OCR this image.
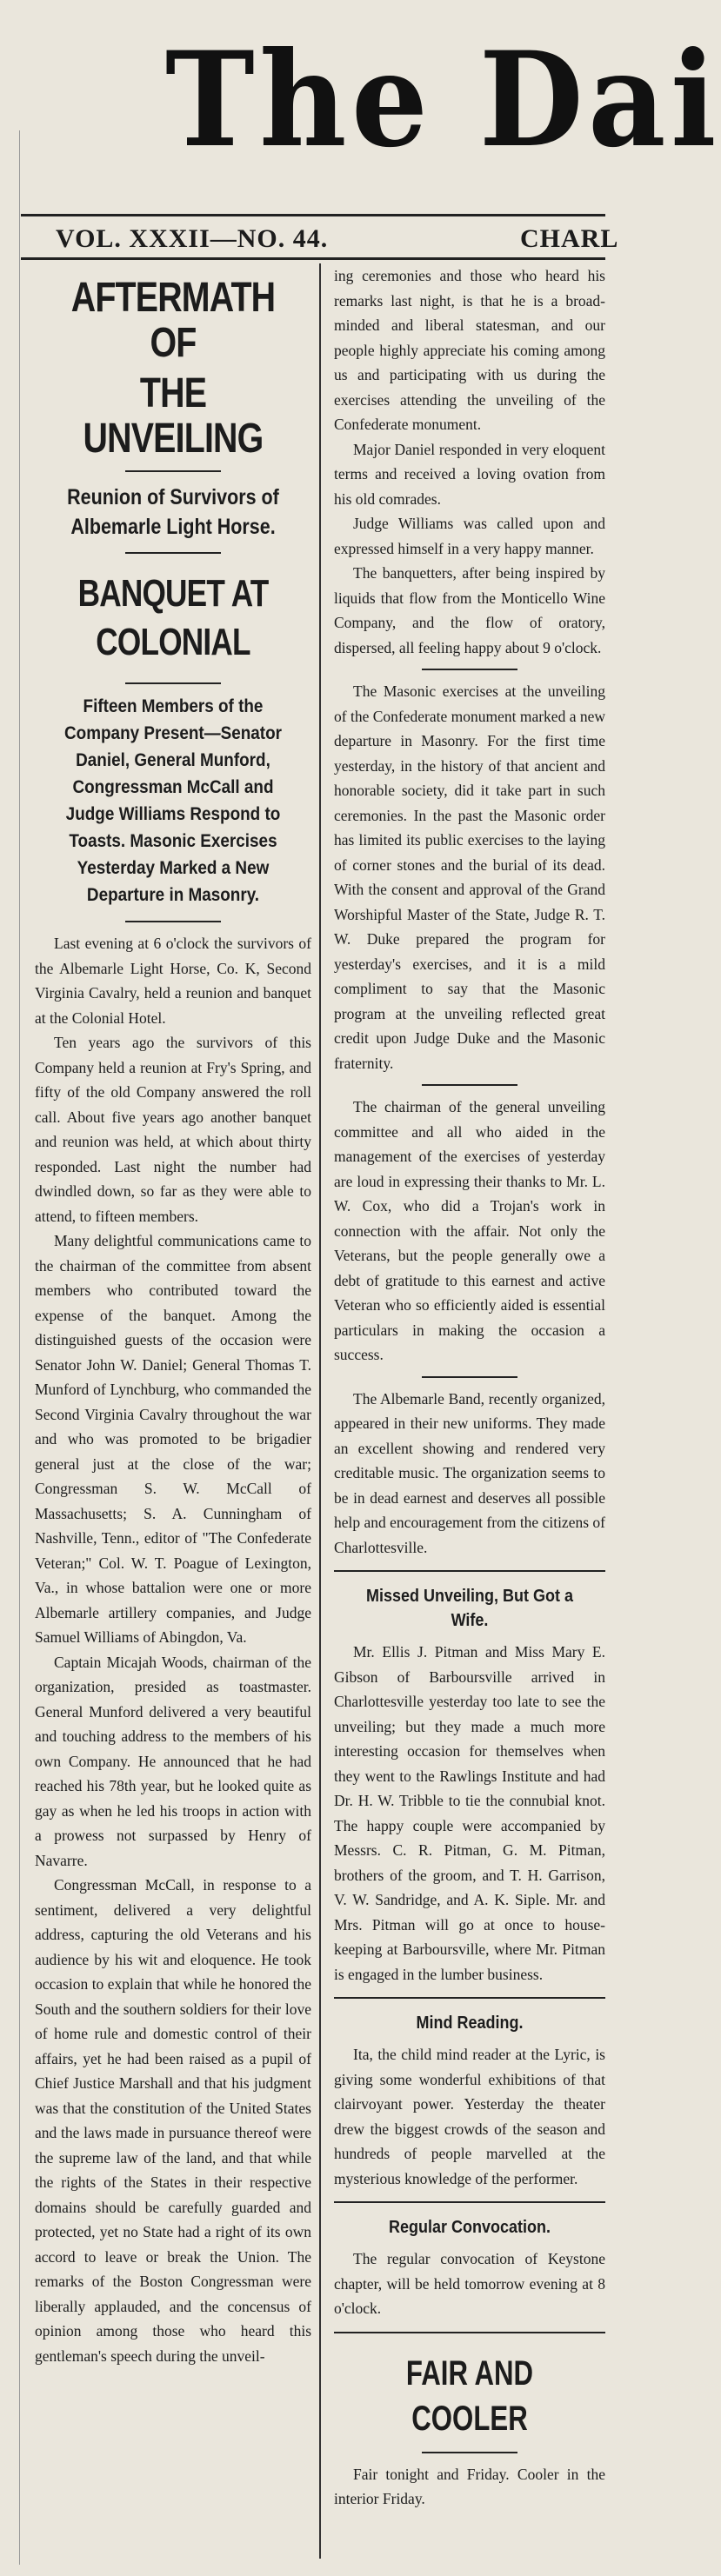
The Dai
VOL. XXXII—NO. 44.	CHARL
AFTERMATH OF
THE UNVEILING
Reunion of Survivors of Albemarle Light Horse.
BANQUET AT COLONIAL
Fifteen Members of the Company Present—Senator Daniel, General Munford, Congressman McCall and Judge Williams Respond to Toasts. Masonic Exercises Yesterday Marked a New Departure in Masonry.

Last evening at 6 o'clock the survivors of the Albemarle Light Horse, Co. K, Second Virginia Cavalry, held a reunion and banquet at the Colonial Hotel.

Ten years ago the survivors of this Company held a reunion at Fry's Spring, and fifty of the old Company answered the roll call. About five years ago another banquet and reunion was held, at which about thirty responded. Last night the number had dwindled down, so far as they were able to attend, to fifteen members.

Many delightful communications came to the chairman of the committee from absent members who contributed toward the expense of the banquet. Among the distinguished guests of the occasion were Senator John W. Daniel; General Thomas T. Munford of Lynchburg, who commanded the Second Virginia Cavalry throughout the war and who was promoted to be brigadier general just at the close of the war; Congressman S. W. McCall of Massachusetts; S. A. Cunningham of Nashville, Tenn., editor of "The Confederate Veteran;" Col. W. T. Poague of Lexington, Va., in whose battalion were one or more Albemarle artillery companies, and Judge Samuel Williams of Abingdon, Va.

Captain Micajah Woods, chairman of the organization, presided as toastmaster. General Munford delivered a very beautiful and touching address to the members of his own Company. He announced that he had reached his 78th year, but he looked quite as gay as when he led his troops in action with a prowess not surpassed by Henry of Navarre.

Congressman McCall, in response to a sentiment, delivered a very delightful address, capturing the old Veterans and his audience by his wit and eloquence. He took occasion to explain that while he honored the South and the southern soldiers for their love of home rule and domestic control of their affairs, yet he had been raised as a pupil of Chief Justice Marshall and that his judgment was that the constitution of the United States and the laws made in pursuance thereof were the supreme law of the land, and that while the rights of the States in their respective domains should be carefully guarded and protected, yet no State had a right of its own accord to leave or break the Union. The remarks of the Boston Congressman were liberally applauded, and the concensus of opinion among those who heard this gentleman's speech during the unveil-

ing ceremonies and those who heard his remarks last night, is that he is a broad-minded and liberal statesman, and our people highly appreciate his coming among us and participating with us during the exercises attending the unveiling of the Confederate monument.

Major Daniel responded in very eloquent terms and received a loving ovation from his old comrades.

Judge Williams was called upon and expressed himself in a very happy manner.

The banquetters, after being inspired by liquids that flow from the Monticello Wine Company, and the flow of oratory, dispersed, all feeling happy about 9 o'clock.

The Masonic exercises at the unveiling of the Confederate monument marked a new departure in Masonry. For the first time yesterday, in the history of that ancient and honorable society, did it take part in such ceremonies. In the past the Masonic order has limited its public exercises to the laying of corner stones and the burial of its dead. With the consent and approval of the Grand Worshipful Master of the State, Judge R. T. W. Duke prepared the program for yesterday's exercises, and it is a mild compliment to say that the Masonic program at the unveiling reflected great credit upon Judge Duke and the Masonic fraternity.

The chairman of the general unveiling committee and all who aided in the management of the exercises of yesterday are loud in expressing their thanks to Mr. L. W. Cox, who did a Trojan's work in connection with the affair. Not only the Veterans, but the people generally owe a debt of gratitude to this earnest and active Veteran who so efficiently aided is essential particulars in making the occasion a success.

The Albemarle Band, recently organized, appeared in their new uniforms. They made an excellent showing and rendered very creditable music. The organization seems to be in dead earnest and deserves all possible help and encouragement from the citizens of Charlottesville.

Missed Unveiling, But Got a Wife.

Mr. Ellis J. Pitman and Miss Mary E. Gibson of Barboursville arrived in Charlottesville yesterday too late to see the unveiling; but they made a much more interesting occasion for themselves when they went to the Rawlings Institute and had Dr. H. W. Tribble to tie the connubial knot. The happy couple were accompanied by Messrs. C. R. Pitman, G. M. Pitman, brothers of the groom, and T. H. Garrison, V. W. Sandridge, and A. K. Siple. Mr. and Mrs. Pitman will go at once to house-keeping at Barboursville, where Mr. Pitman is engaged in the lumber business.

Mind Reading.

Ita, the child mind reader at the Lyric, is giving some wonderful exhibitions of that clairvoyant power. Yesterday the theater drew the biggest crowds of the season and hundreds of people marvelled at the mysterious knowledge of the performer.

Regular Convocation.

The regular convocation of Keystone chapter, will be held tomorrow evening at 8 o'clock.

FAIR AND COOLER

Fair tonight and Friday. Cooler in the interior Friday.
